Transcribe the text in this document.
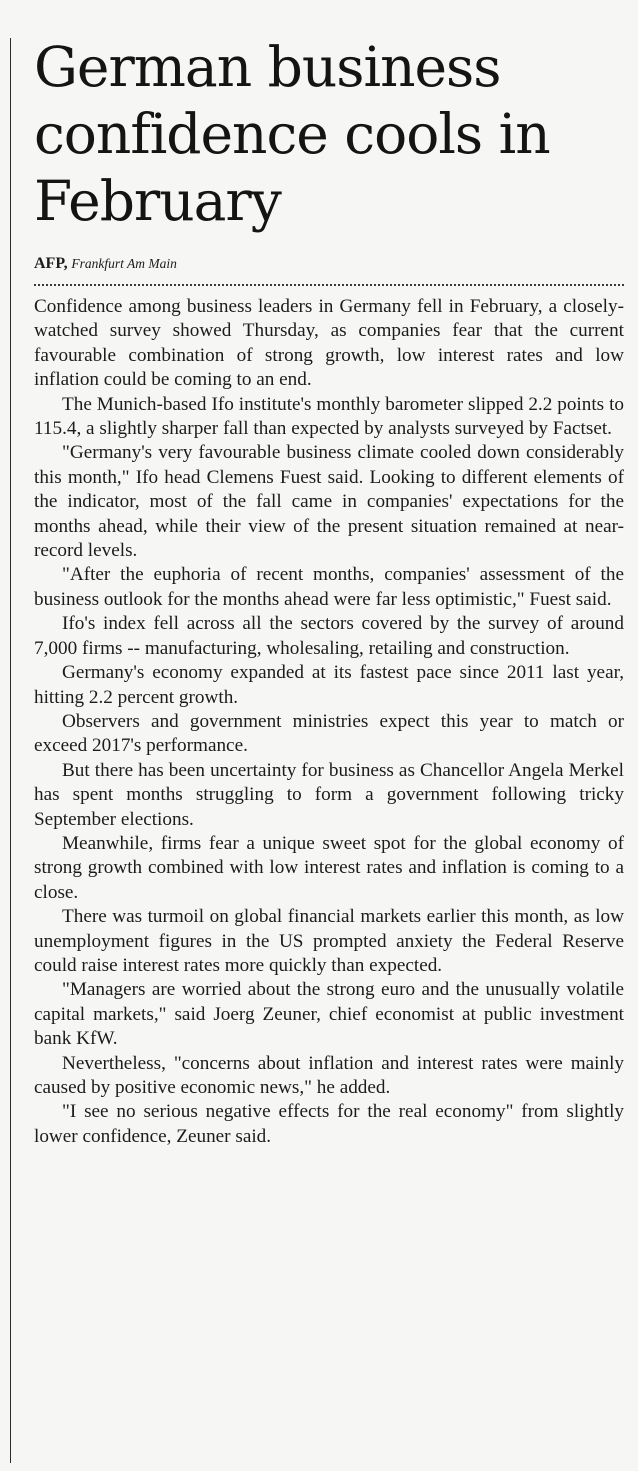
German business confidence cools in February
AFP, Frankfurt Am Main

Confidence among business leaders in Germany fell in February, a closely-watched survey showed Thursday, as companies fear that the current favourable combination of strong growth, low interest rates and low inflation could be coming to an end.

The Munich-based Ifo institute's monthly barometer slipped 2.2 points to 115.4, a slightly sharper fall than expected by analysts surveyed by Factset.

"Germany's very favourable business climate cooled down considerably this month," Ifo head Clemens Fuest said. Looking to different elements of the indicator, most of the fall came in companies' expectations for the months ahead, while their view of the present situation remained at near-record levels.

"After the euphoria of recent months, companies' assessment of the business outlook for the months ahead were far less optimistic," Fuest said.

Ifo's index fell across all the sectors covered by the survey of around 7,000 firms -- manufacturing, wholesaling, retailing and construction.

Germany's economy expanded at its fastest pace since 2011 last year, hitting 2.2 percent growth.

Observers and government ministries expect this year to match or exceed 2017's performance.

But there has been uncertainty for business as Chancellor Angela Merkel has spent months struggling to form a government following tricky September elections.

Meanwhile, firms fear a unique sweet spot for the global economy of strong growth combined with low interest rates and inflation is coming to a close.

There was turmoil on global financial markets earlier this month, as low unemployment figures in the US prompted anxiety the Federal Reserve could raise interest rates more quickly than expected.

"Managers are worried about the strong euro and the unusually volatile capital markets," said Joerg Zeuner, chief economist at public investment bank KfW.

Nevertheless, "concerns about inflation and interest rates were mainly caused by positive economic news," he added.

"I see no serious negative effects for the real economy" from slightly lower confidence, Zeuner said.
